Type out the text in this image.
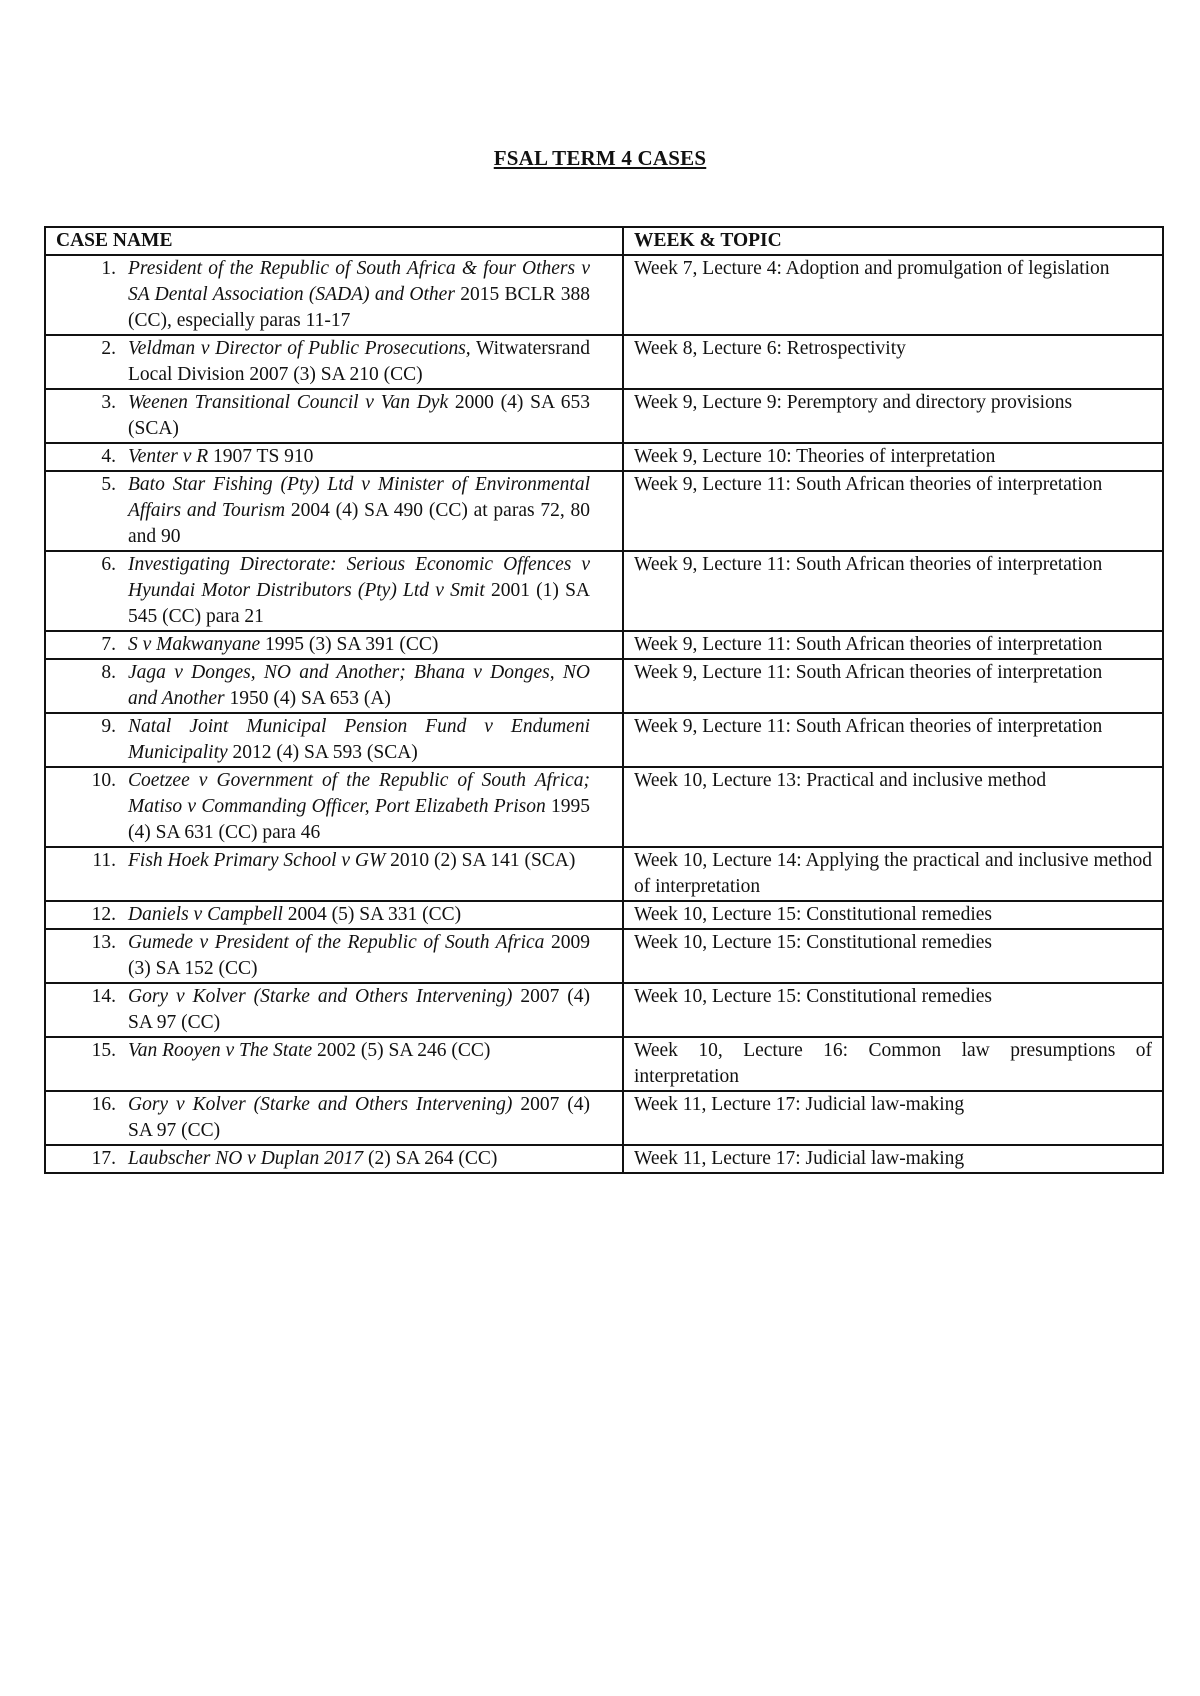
FSAL TERM 4 CASES
CASE NAME	WEEK & TOPIC
1. President of the Republic of South Africa & four Others v SA Dental Association (SADA) and Other 2015 BCLR 388 (CC), especially paras 11-17	Week 7, Lecture 4: Adoption and promulgation of legislation
2. Veldman v Director of Public Prosecutions, Witwatersrand Local Division 2007 (3) SA 210 (CC)	Week 8, Lecture 6: Retrospectivity
3. Weenen Transitional Council v Van Dyk 2000 (4) SA 653 (SCA)	Week 9, Lecture 9: Peremptory and directory provisions
4. Venter v R 1907 TS 910	Week 9, Lecture 10: Theories of interpretation
5. Bato Star Fishing (Pty) Ltd v Minister of Environmental Affairs and Tourism 2004 (4) SA 490 (CC) at paras 72, 80 and 90	Week 9, Lecture 11: South African theories of interpretation
6. Investigating Directorate: Serious Economic Offences v Hyundai Motor Distributors (Pty) Ltd v Smit 2001 (1) SA 545 (CC) para 21	Week 9, Lecture 11: South African theories of interpretation
7. S v Makwanyane 1995 (3) SA 391 (CC)	Week 9, Lecture 11: South African theories of interpretation
8. Jaga v Donges, NO and Another; Bhana v Donges, NO and Another 1950 (4) SA 653 (A)	Week 9, Lecture 11: South African theories of interpretation
9. Natal Joint Municipal Pension Fund v Endumeni Municipality 2012 (4) SA 593 (SCA)	Week 9, Lecture 11: South African theories of interpretation
10. Coetzee v Government of the Republic of South Africa; Matiso v Commanding Officer, Port Elizabeth Prison 1995 (4) SA 631 (CC) para 46	Week 10, Lecture 13: Practical and inclusive method
11. Fish Hoek Primary School v GW 2010 (2) SA 141 (SCA)	Week 10, Lecture 14: Applying the practical and inclusive method of interpretation
12. Daniels v Campbell 2004 (5) SA 331 (CC)	Week 10, Lecture 15: Constitutional remedies
13. Gumede v President of the Republic of South Africa 2009 (3) SA 152 (CC)	Week 10, Lecture 15: Constitutional remedies
14. Gory v Kolver (Starke and Others Intervening) 2007 (4) SA 97 (CC)	Week 10, Lecture 15: Constitutional remedies
15. Van Rooyen v The State 2002 (5) SA 246 (CC)	Week 10, Lecture 16: Common law presumptions of interpretation
16. Gory v Kolver (Starke and Others Intervening) 2007 (4) SA 97 (CC)	Week 11, Lecture 17: Judicial law-making
17. Laubscher NO v Duplan 2017 (2) SA 264 (CC)	Week 11, Lecture 17: Judicial law-making
